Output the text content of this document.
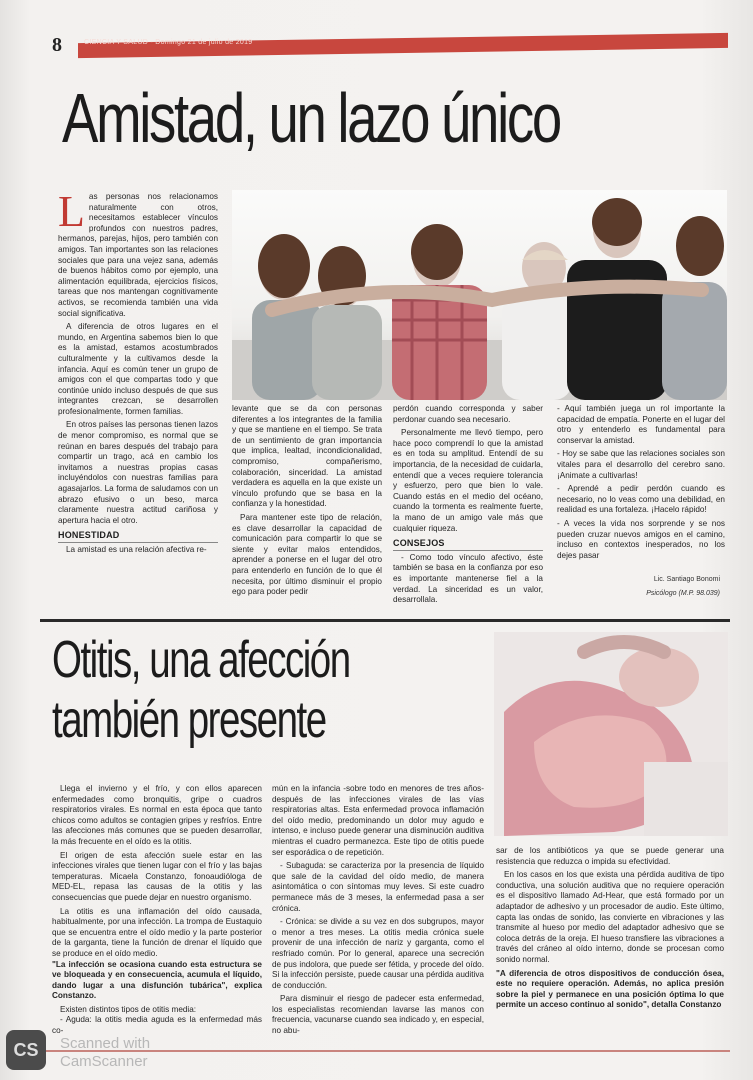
8	CIENCIA Y SALUD - Domingo 21 de julio de 2019
Amistad, un lazo único

Las personas nos relacionamos naturalmente con otros, necesitamos establecer vínculos profundos con nuestros padres, hermanos, parejas, hijos, pero también con amigos. Tan importantes son las relaciones sociales que para una vejez sana, además de buenos hábitos como por ejemplo, una alimentación equilibrada, ejercicios físicos, tareas que nos mantengan cognitivamente activos, se recomienda también una vida social significativa.

A diferencia de otros lugares en el mundo, en Argentina sabemos bien lo que es la amistad, estamos acostumbrados culturalmente y la cultivamos desde la infancia. Aquí es común tener un grupo de amigos con el que compartas todo y que continúe unido incluso después de que sus integrantes crezcan, se desarrollen profesionalmente, formen familias.

En otros países las personas tienen lazos de menor compromiso, es normal que se reúnan en bares después del trabajo para compartir un trago, acá en cambio los invitamos a nuestras propias casas incluyéndolos con nuestras familias para agasajarlos. La forma de saludamos con un abrazo efusivo o un beso, marca claramente nuestra actitud cariñosa y apertura hacia el otro.

HONESTIDAD

La amistad es una relación afectiva re-

levante que se da con personas diferentes a los integrantes de la familia y que se mantiene en el tiempo. Se trata de un sentimiento de gran importancia que implica, lealtad, incondicionalidad, compromiso, compañerismo, colaboración, sinceridad. La amistad verdadera es aquella en la que existe un vínculo profundo que se basa en la confianza y la honestidad.

Para mantener este tipo de relación, es clave desarrollar la capacidad de comunicación para compartir lo que se siente y evitar malos entendidos, aprender a ponerse en el lugar del otro para entenderlo en función de lo que él necesita, por último disminuir el propio ego para poder pedir

perdón cuando corresponda y saber perdonar cuando sea necesario.

Personalmente me llevó tiempo, pero hace poco comprendí lo que la amistad es en toda su amplitud. Entendí de su importancia, de la necesidad de cuidarla, entendí que a veces requiere tolerancia y esfuerzo, pero que bien lo vale. Cuando estás en el medio del océano, cuando la tormenta es realmente fuerte, la mano de un amigo vale más que cualquier riqueza.

CONSEJOS

- Como todo vínculo afectivo, éste también se basa en la confianza por eso es importante mantenerse fiel a la verdad. La sinceridad es un valor, desarrollala.

- Aquí también juega un rol importante la capacidad de empatía. Ponerte en el lugar del otro y entenderlo es fundamental para conservar la amistad.

- Hoy se sabe que las relaciones sociales son vitales para el desarrollo del cerebro sano. ¡Animate a cultivarlas!

- Aprendé a pedir perdón cuando es necesario, no lo veas como una debilidad, en realidad es una fortaleza. ¡Hacelo rápido!

- A veces la vida nos sorprende y se nos pueden cruzar nuevos amigos en el camino, incluso en contextos inesperados, no los dejes pasar

Lic. Santiago Bonomi
Psicólogo (M.P. 98.039)
Otitis, una afección
también presente

Llega el invierno y el frío, y con ellos aparecen enfermedades como bronquitis, gripe o cuadros respiratorios virales. Es normal en esta época que tanto chicos como adultos se contagien gripes y resfríos. Entre las afecciones más comunes que se pueden desarrollar, la más frecuente en el oído es la otitis.

El origen de esta afección suele estar en las infecciones virales que tienen lugar con el frío y las bajas temperaturas. Micaela Constanzo, fonoaudióloga de MED-EL, repasa las causas de la otitis y las consecuencias que puede dejar en nuestro organismo.

La otitis es una inflamación del oído causada, habitualmente, por una infección. La trompa de Eustaquio que se encuentra entre el oído medio y la parte posterior de la garganta, tiene la función de drenar el líquido que se produce en el oído medio.

"La infección se ocasiona cuando esta estructura se ve bloqueada y en consecuencia, acumula el líquido, dando lugar a una disfunción tubárica", explica Constanzo.

Existen distintos tipos de otitis media:

- Aguda: la otitis media aguda es la enfermedad más co-

mún en la infancia -sobre todo en menores de tres años- después de las infecciones virales de las vías respiratorias altas. Esta enfermedad provoca inflamación del oído medio, predominando un dolor muy agudo e intenso, e incluso puede generar una disminución auditiva mientras el cuadro permanezca. Este tipo de otitis puede ser esporádica o de repetición.

- Subaguda: se caracteriza por la presencia de líquido que sale de la cavidad del oído medio, de manera asintomática o con síntomas muy leves. Si este cuadro permanece más de 3 meses, la enfermedad pasa a ser crónica.

- Crónica: se divide a su vez en dos subgrupos, mayor o menor a tres meses. La otitis media crónica suele provenir de una infección de nariz y garganta, como el resfriado común. Por lo general, aparece una secreción de pus indolora, que puede ser fétida, y procede del oído. Si la infección persiste, puede causar una pérdida auditiva de conducción.

Para disminuir el riesgo de padecer esta enfermedad, los especialistas recomiendan lavarse las manos con frecuencia, vacunarse cuando sea indicado y, en especial, no abu-

sar de los antibióticos ya que se puede generar una resistencia que reduzca o impida su efectividad.

En los casos en los que exista una pérdida auditiva de tipo conductiva, una solución auditiva que no requiere operación es el dispositivo llamado Ad-Hear, que está formado por un adaptador de adhesivo y un procesador de audio. Este último, capta las ondas de sonido, las convierte en vibraciones y las transmite al hueso por medio del adaptador adhesivo que se coloca detrás de la oreja. El hueso transfiere las vibraciones a través del cráneo al oído interno, donde se procesan como sonido normal.

"A diferencia de otros dispositivos de conducción ósea, este no requiere operación. Además, no aplica presión sobre la piel y permanece en una posición óptima lo que permite un acceso continuo al sonido", detalla Constanzo

CS	Scanned with
CamScanner
